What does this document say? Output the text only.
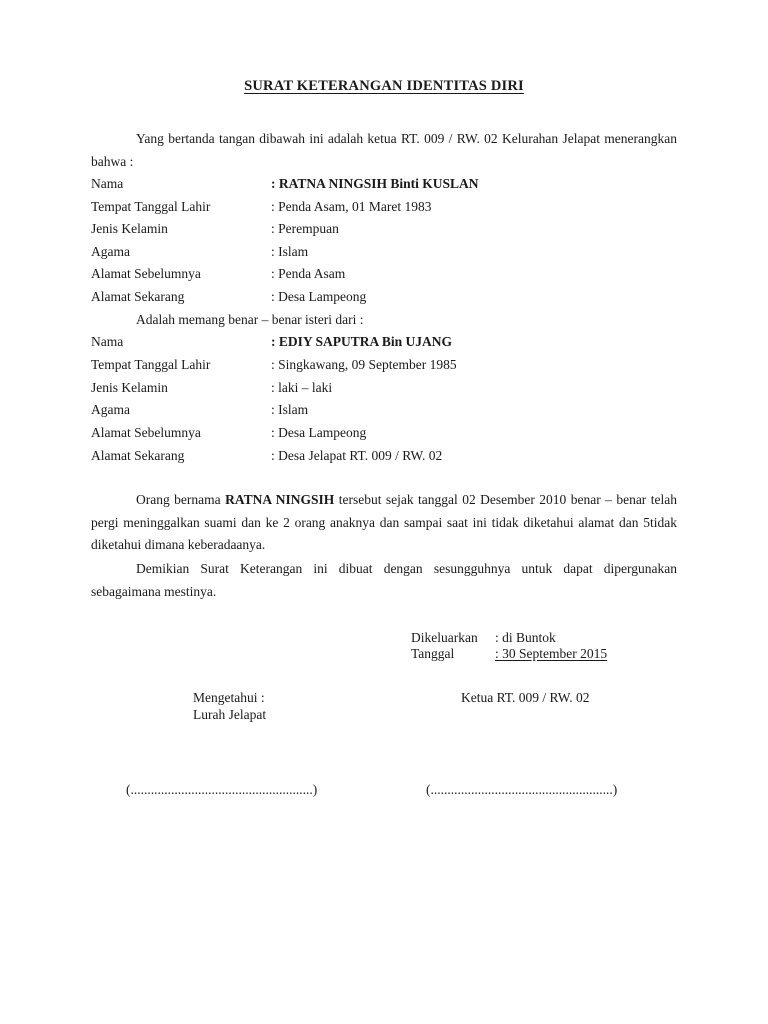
SURAT KETERANGAN IDENTITAS DIRI
Yang bertanda tangan dibawah ini adalah ketua RT. 009 / RW. 02 Kelurahan Jelapat menerangkan bahwa :
Nama	: RATNA NINGSIH Binti KUSLAN
Tempat Tanggal Lahir	: Penda Asam, 01 Maret 1983
Jenis Kelamin	: Perempuan
Agama	: Islam
Alamat Sebelumnya	: Penda Asam
Alamat Sekarang	: Desa Lampeong
Adalah memang benar – benar isteri dari :
Nama	: EDIY SAPUTRA Bin UJANG
Tempat Tanggal Lahir	: Singkawang, 09 September 1985
Jenis Kelamin	: laki – laki
Agama	: Islam
Alamat Sebelumnya	: Desa Lampeong
Alamat Sekarang	: Desa Jelapat RT. 009 / RW. 02
Orang bernama RATNA NINGSIH tersebut sejak tanggal 02 Desember 2010 benar – benar telah pergi meninggalkan suami dan ke 2 orang anaknya dan sampai saat ini tidak diketahui alamat dan 5tidak diketahui dimana keberadaanya.
Demikian Surat Keterangan ini dibuat dengan sesungguhnya untuk dapat dipergunakan sebagaimana mestinya.
Dikeluarkan : di Buntok
Tanggal	: 30 September 2015
Mengetahui :
Lurah Jelapat
Ketua RT. 009 / RW. 02
(......................................................)	(......................................................)
